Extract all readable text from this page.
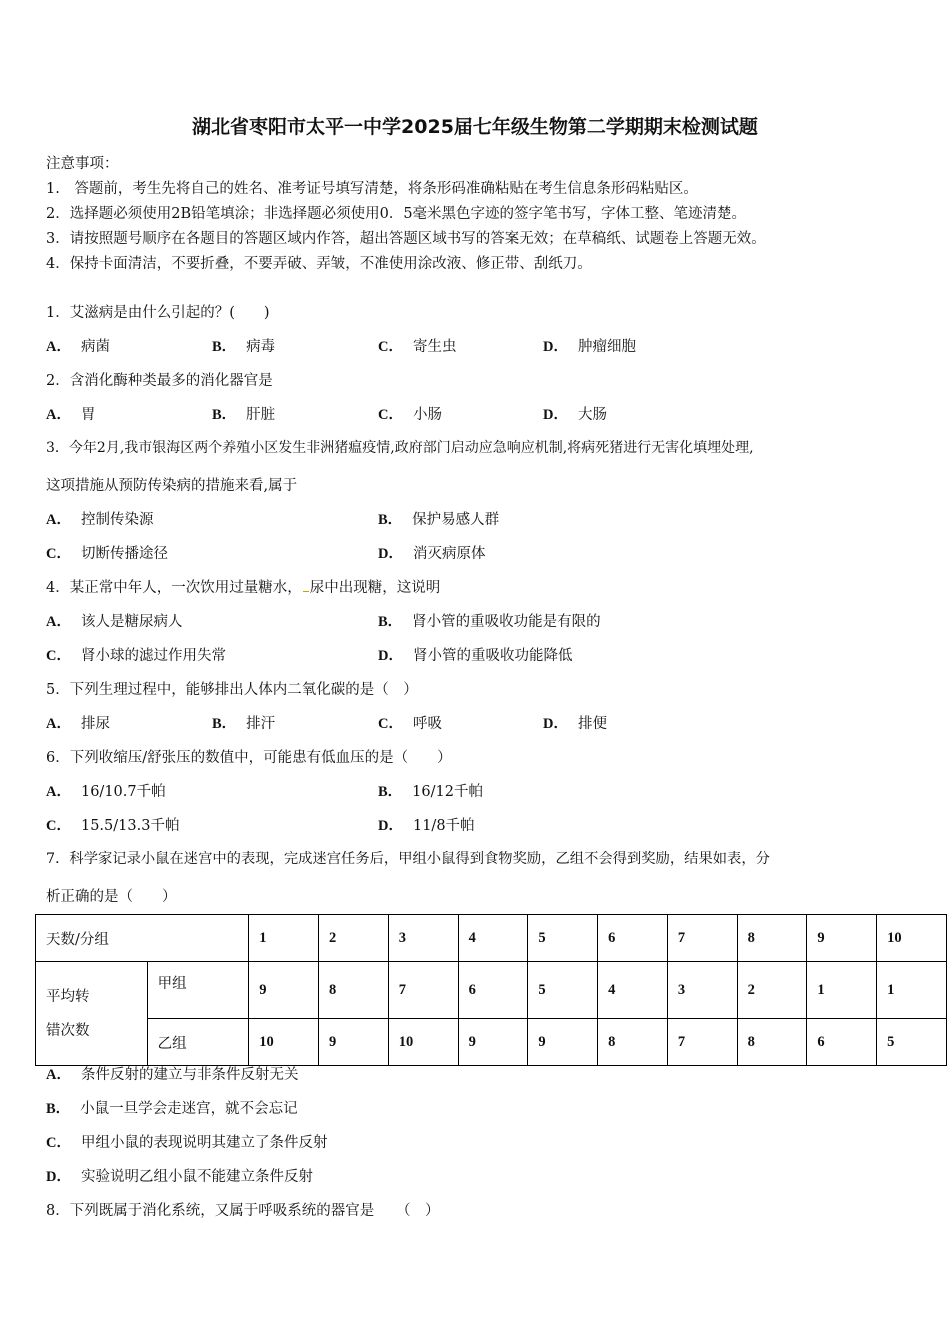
湖北省枣阳市太平一中学2025届七年级生物第二学期期末检测试题
注意事项：
1.　答题前，考生先将自己的姓名、准考证号填写清楚，将条形码准确粘贴在考生信息条形码粘贴区。
2．选择题必须使用2B铅笔填涂；非选择题必须使用0．5毫米黑色字迹的签字笔书写，字体工整、笔迹清楚。
3．请按照题号顺序在各题目的答题区域内作答，超出答题区域书写的答案无效；在草稿纸、试题卷上答题无效。
4．保持卡面清洁，不要折叠，不要弄破、弄皱，不准使用涂改液、修正带、刮纸刀。
1．艾滋病是由什么引起的？(　　)
A． 病菌	B． 病毒	C． 寄生虫	D． 肿瘤细胞
2．含消化酶种类最多的消化器官是
A． 胃	B． 肝脏	C． 小肠	D． 大肠
3．今年2月,我市银海区两个养殖小区发生非洲猪瘟疫情,政府部门启动应急响应机制,将病死猪进行无害化填埋处理,
这项措施从预防传染病的措施来看,属于
A． 控制传染源	B． 保护易感人群
C． 切断传播途径	D． 消灭病原体
4．某正常中年人，一次饮用过量糖水， 尿中出现糖，这说明
A． 该人是糖尿病人	B． 肾小管的重吸收功能是有限的
C． 肾小球的滤过作用失常	D． 肾小管的重吸收功能降低
5．下列生理过程中，能够排出人体内二氧化碳的是（　）
A． 排尿	B． 排汗	C． 呼吸	D． 排便
6．下列收缩压/舒张压的数值中，可能患有低血压的是（　　）
A． 16/10.7千帕	B． 16/12千帕
C． 15.5/13.3千帕	D． 11/8千帕
7．科学家记录小鼠在迷宫中的表现，完成迷宫任务后，甲组小鼠得到食物奖励，乙组不会得到奖励，结果如表，分
析正确的是（　　）
天数/分组		1	2	3	4	5	6	7	8	9	10
平均转
错次数	甲组	9	8	7	6	5	4	3	2	1	1
	乙组	10	9	10	9	9	8	7	8	6	5
A． 条件反射的建立与非条件反射无关
B． 小鼠一旦学会走迷宫，就不会忘记
C． 甲组小鼠的表现说明其建立了条件反射
D． 实验说明乙组小鼠不能建立条件反射
8．下列既属于消化系统，又属于呼吸系统的器官是　　（　）
